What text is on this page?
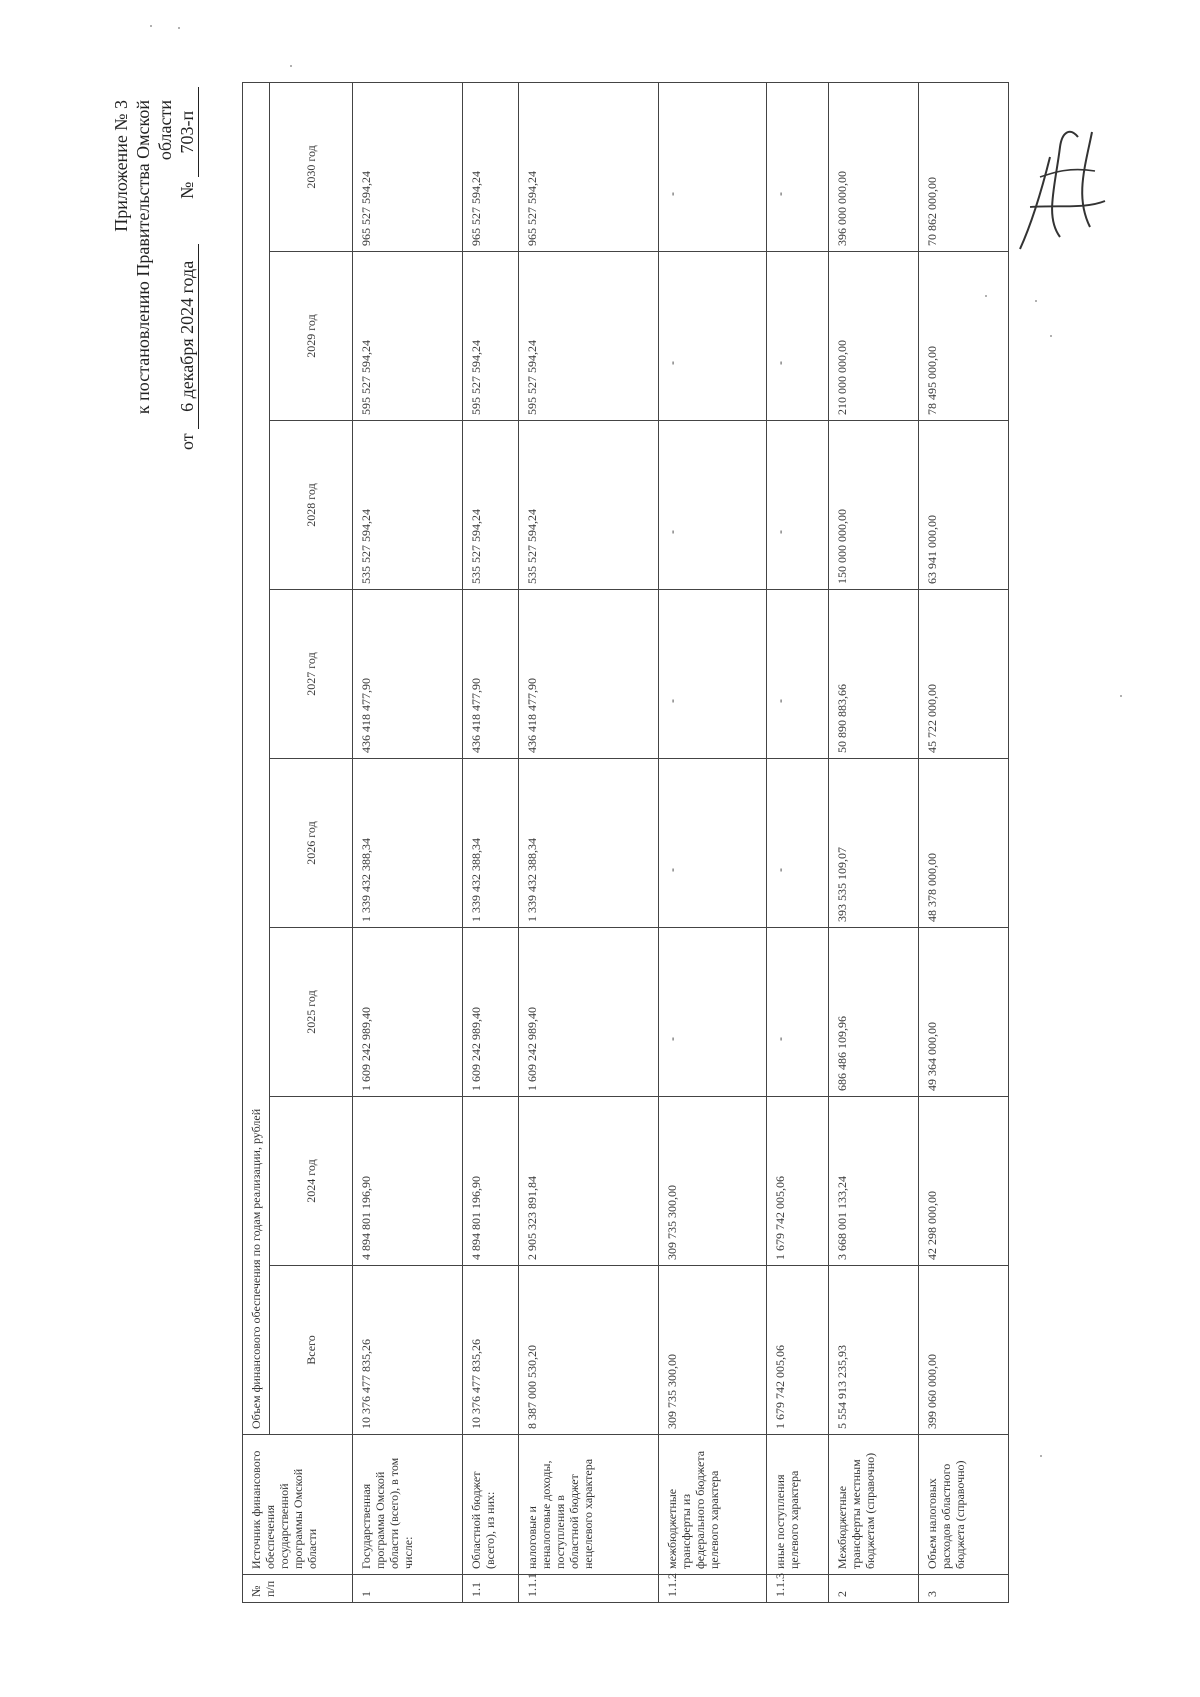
Приложение № 3 к постановлению Правительства Омской области
от 6 декабря 2024 года  № 703-п
№ п/п	Источник финансового обеспечения государственной программы Омской области	Объем финансового обеспечения по годам реализации, рублей							
		Всего	2024 год	2025 год	2026 год	2027 год	2028 год	2029 год	2030 год
1	Государственная программа Омской области (всего), в том числе:	10 376 477 835,26	4 894 801 196,90	1 609 242 989,40	1 339 432 388,34	436 418 477,90	535 527 594,24	595 527 594,24	965 527 594,24
1.1	Областной бюджет (всего), из них:	10 376 477 835,26	4 894 801 196,90	1 609 242 989,40	1 339 432 388,34	436 418 477,90	535 527 594,24	595 527 594,24	965 527 594,24
1.1.1	налоговые и неналоговые доходы, поступления в областной бюджет нецелевого характера	8 387 000 530,20	2 905 323 891,84	1 609 242 989,40	1 339 432 388,34	436 418 477,90	535 527 594,24	595 527 594,24	965 527 594,24
1.1.2	межбюджетные трансферты из федерального бюджета целевого характера	309 735 300,00	309 735 300,00	-	-	-	-	-	-
1.1.3	иные поступления целевого характера	1 679 742 005,06	1 679 742 005,06	-	-	-	-	-	-
2	Межбюджетные трансферты местным бюджетам (справочно)	5 554 913 235,93	3 668 001 133,24	686 486 109,96	393 535 109,07	50 890 883,66	150 000 000,00	210 000 000,00	396 000 000,00
3	Объем налоговых расходов областного бюджета (справочно)	399 060 000,00	42 298 000,00	49 364 000,00	48 378 000,00	45 722 000,00	63 941 000,00	78 495 000,00	70 862 000,00
